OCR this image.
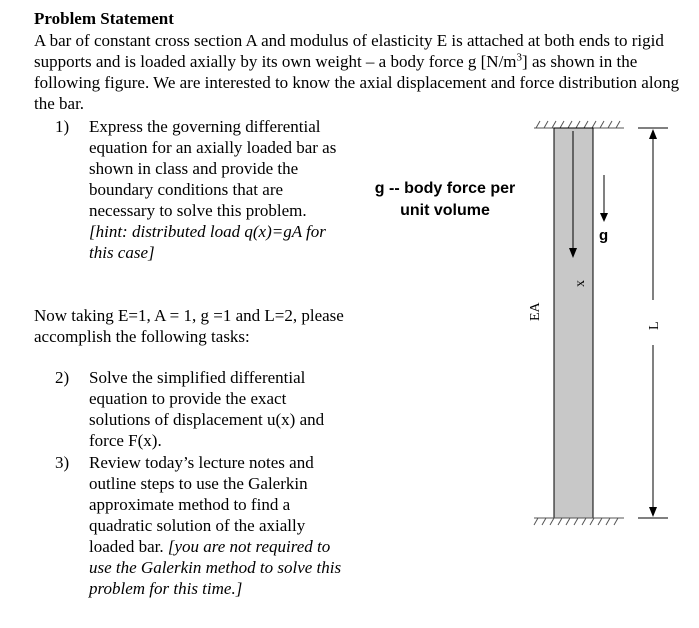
Problem Statement
A bar of constant cross section A and modulus of elasticity E is attached at both ends to rigid supports and is loaded axially by its own weight – a body force g $[N/m^3]$ as shown in the following figure. We are interested to know the axial displacement and force distribution along the bar.
1) Express the governing differential equation for an axially loaded bar as shown in class and provide the boundary conditions that are necessary to solve this problem. [hint: distributed load q(x)=gA for this case]
Now taking E=1, A = 1, g =1 and L=2, please accomplish the following tasks:
2) Solve the simplified differential equation to provide the exact solutions of displacement u(x) and force F(x).
3) Review today’s lecture notes and outline steps to use the Galerkin approximate method to find a quadratic solution of the axially loaded bar. [you are not required to use the Galerkin method to solve this problem for this time.]
g -- body force per unit volume
x
EA
g
L
